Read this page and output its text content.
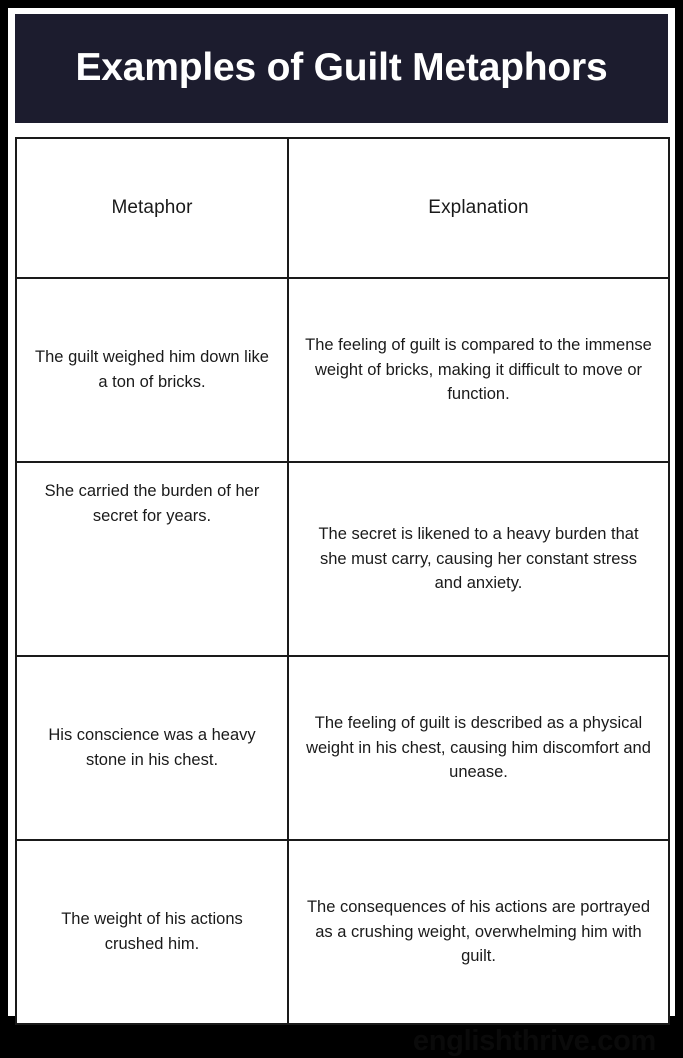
Examples of Guilt Metaphors
Metaphor	Explanation
The guilt weighed him down like a ton of bricks.	The feeling of guilt is compared to the immense weight of bricks, making it difficult to move or function.
She carried the burden of her secret for years.	The secret is likened to a heavy burden that she must carry, causing her constant stress and anxiety.
His conscience was a heavy stone in his chest.	The feeling of guilt is described as a physical weight in his chest, causing him discomfort and unease.
The weight of his actions crushed him.	The consequences of his actions are portrayed as a crushing weight, overwhelming him with guilt.
englishthrive.com
